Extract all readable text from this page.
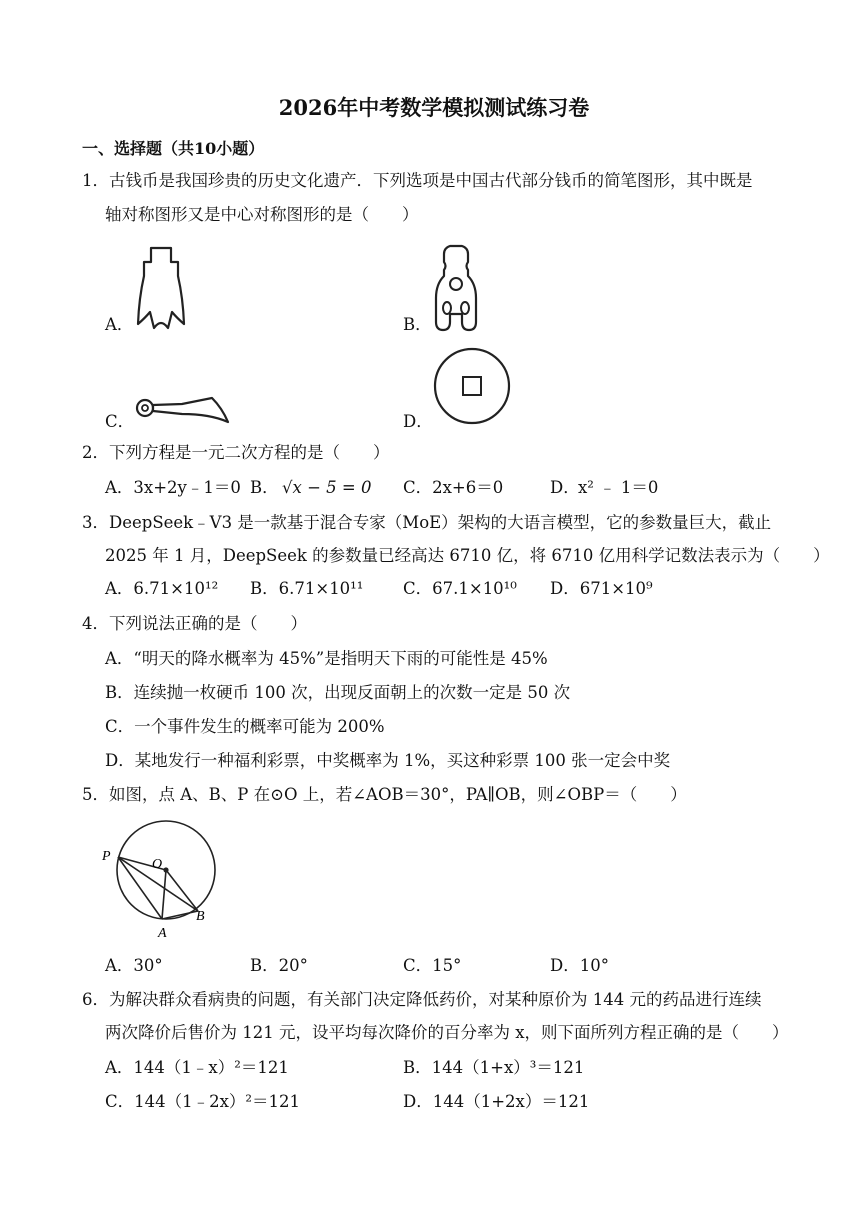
2026年中考数学模拟测试练习卷
一、选择题（共10小题）
1．古钱币是我国珍贵的历史文化遗产．下列选项是中国古代部分钱币的简笔图形，其中既是
轴对称图形又是中心对称图形的是（　　）
A．	B．
C．	D．
2．下列方程是一元二次方程的是（　　）
A．3x+2y﹣1＝0 B． √x − 5 = 0 C．2x+6＝0	D．
x² ﹣ 1＝0
3．DeepSeek﹣V3 是一款基于混合专家（MoE）架构的大语言模型，它的参数量巨大，截止
2025 年 1 月，DeepSeek 的参数量已经高达 6710 亿，将 6710 亿用科学记数法表示为（　　）
A．6.71×10¹² B．6.71×10¹¹ C．67.1×10¹⁰ D．671×10⁹
4．下列说法正确的是（　　）
A．“明天的降水概率为 45%”是指明天下雨的可能性是 45%
B．连续抛一枚硬币 100 次，出现反面朝上的次数一定是 50 次
C．一个事件发生的概率可能为 200%
D．某地发行一种福利彩票，中奖概率为 1%，买这种彩票 100 张一定会中奖
5．如图，点 A、B、P 在⊙O 上，若∠AOB＝30°，PA∥OB，则∠OBP＝（　　）
P
O
A
B
A．30°	B．20°	C．15°	D．10°
6．为解决群众看病贵的问题，有关部门决定降低药价，对某种原价为 144 元的药品进行连续
两次降价后售价为 121 元，设平均每次降价的百分率为 x，则下面所列方程正确的是（　　）
A．144（1﹣x）²＝121	B．144（1+x）³＝121
C．144（1﹣2x）²＝121	D．144（1+2x）＝121
